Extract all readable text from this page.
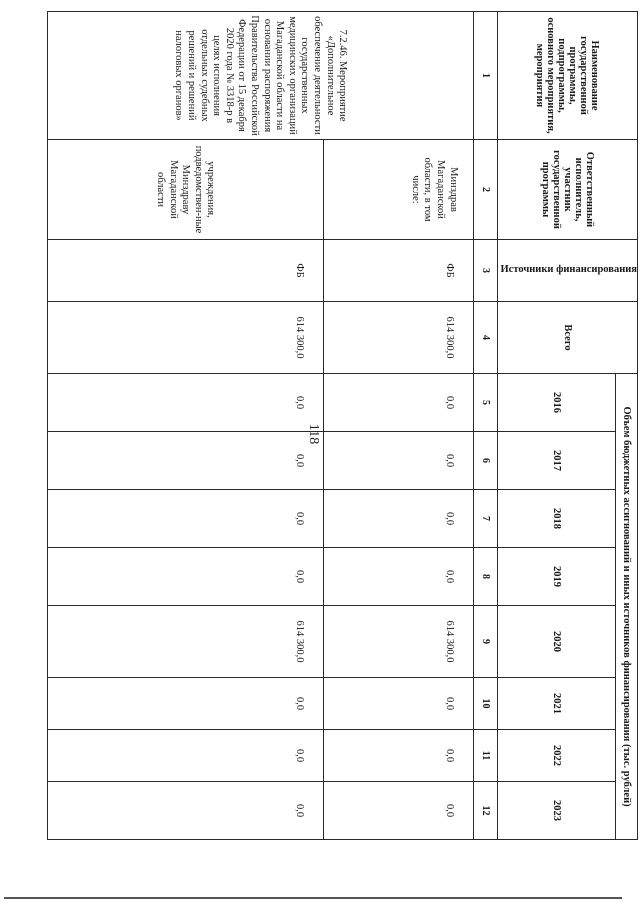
118
Наименование государственной программы, подпрограммы, основного мероприятия, мероприятия	Ответственный исполнитель, участник государственной программы	Источники финансирования	Всего	Объем бюджетных ассигнований и иных источников финансирования (тыс. рублей)							
				2016	2017	2018	2019	2020	2021	2022	2023
1	2	3	4	5	6	7	8	9	10	11	12
7.2.46. Мероприятие «Дополнительное обеспечение деятельности государственных медицинских организаций Магаданской области на основании распоряжения Правительства Российской Федерации от 15 декабря 2020 года № 3318-р в целях исполнения отдельных судебных решений и решений налоговых органов»	Минздрав Магаданской области, в том числе:	ФБ	614 300,0	0,0	0,0	0,0	0,0	614 300,0	0,0	0,0	0,0
	учреждения, подведомствен-ные Минздраву Магаданской области	ФБ	614 300,0	0,0	0,0	0,0	0,0	614 300,0	0,0	0,0	0,0
